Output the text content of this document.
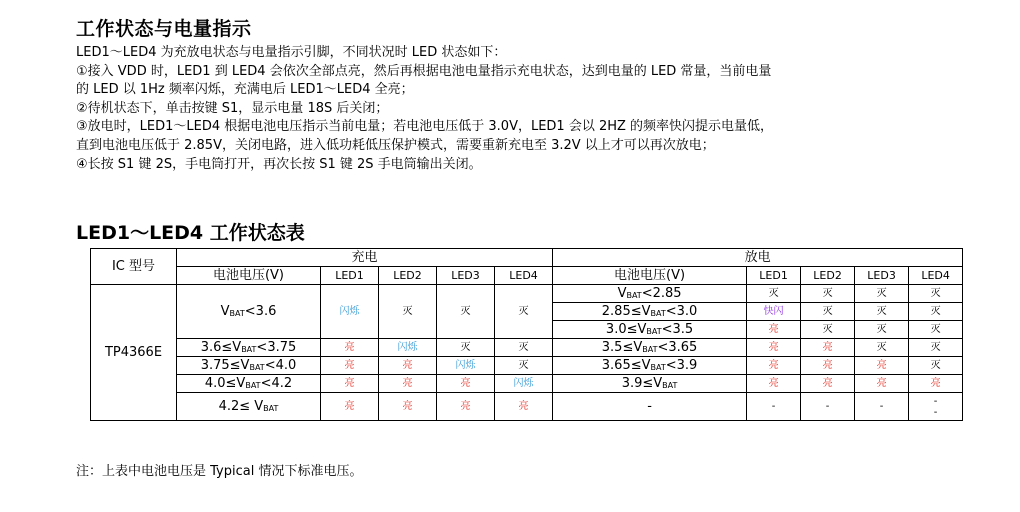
工作状态与电量指示
LED1～LED4 为充放电状态与电量指示引脚，不同状况时 LED 状态如下：
①接入 VDD 时，LED1 到 LED4 会依次全部点亮，然后再根据电池电量指示充电状态，达到电量的 LED 常量，当前电量
的 LED 以 1Hz 频率闪烁，充满电后 LED1～LED4 全亮；
②待机状态下，单击按键 S1，显示电量 18S 后关闭；
③放电时，LED1～LED4 根据电池电压指示当前电量；若电池电压低于 3.0V，LED1 会以 2HZ 的频率快闪提示电量低，
直到电池电压低于 2.85V，关闭电路，进入低功耗低压保护模式，需要重新充电至 3.2V 以上才可以再次放电；
④长按 S1 键 2S，手电筒打开，再次长按 S1 键 2S 手电筒输出关闭。
LED1～LED4 工作状态表
IC 型号	充电					放电				
	电池电压(V)	LED1	LED2	LED3	LED4	电池电压(V)	LED1	LED2	LED3	LED4
TP4366E	$V_{BAT}<3.6$	闪烁	灭	灭	灭	$V_{BAT}<2.85$	灭	灭	灭	灭
						$2.85\le V_{BAT}<3.0$	快闪	灭	灭	灭
						$3.0\le V_{BAT}<3.5$	亮	灭	灭	灭
	$3.6\le V_{BAT}<3.75$	亮	闪烁	灭	灭	$3.5\le V_{BAT}<3.65$	亮	亮	灭	灭
	$3.75\le V_{BAT}<4.0$	亮	亮	闪烁	灭	$3.65\le V_{BAT}<3.9$	亮	亮	亮	灭
	$4.0\le V_{BAT}<4.2$	亮	亮	亮	闪烁	$3.9\le V_{BAT}$	亮	亮	亮	亮
	$4.2\le V_{BAT}$	亮	亮	亮	亮	-	-	-	-	-
-
注：上表中电池电压是 Typical 情况下标准电压。
